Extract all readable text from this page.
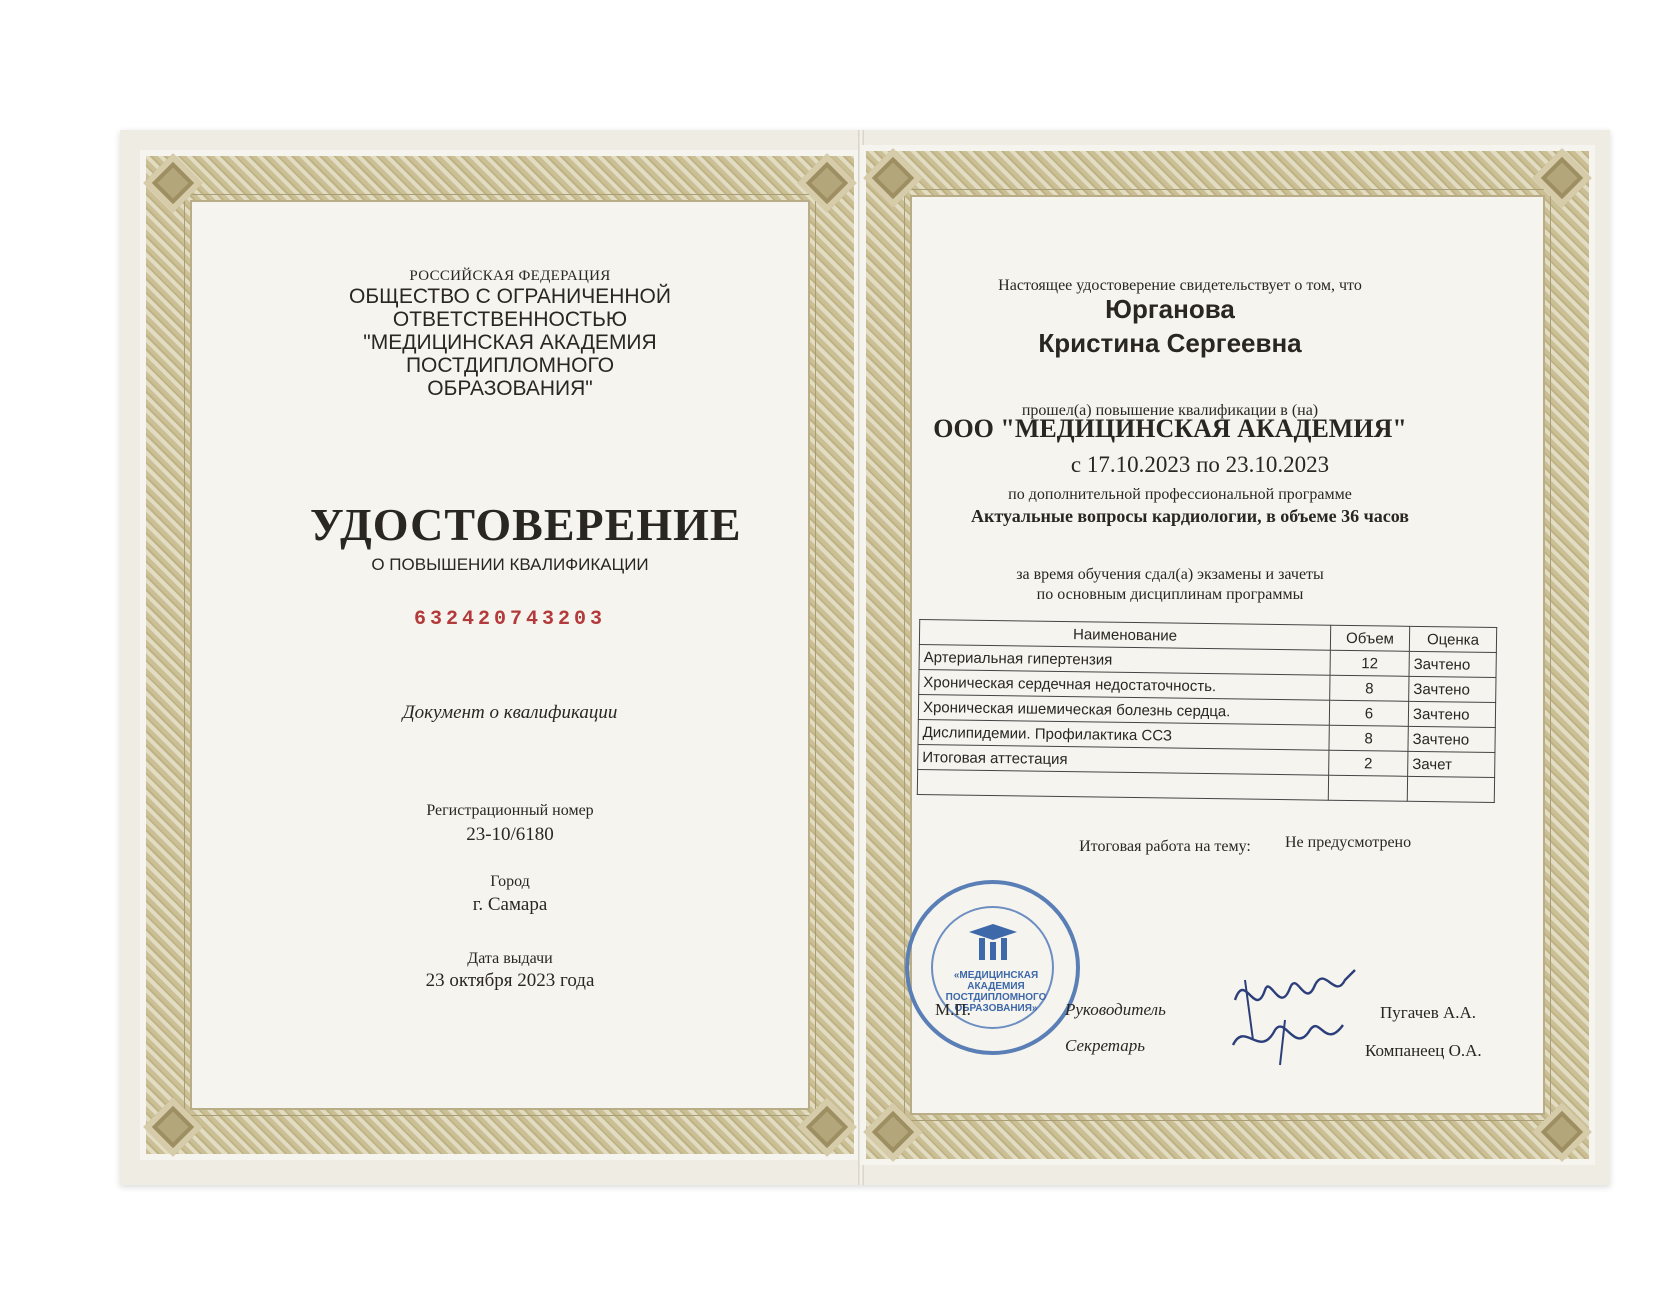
РОССИЙСКАЯ ФЕДЕРАЦИЯ
ОБЩЕСТВО С ОГРАНИЧЕННОЙ
ОТВЕТСТВЕННОСТЬЮ
"МЕДИЦИНСКАЯ АКАДЕМИЯ
ПОСТДИПЛОМНОГО
ОБРАЗОВАНИЯ"
УДОСТОВЕРЕНИЕ
О ПОВЫШЕНИИ КВАЛИФИКАЦИИ
632420743203
Документ о квалификации
Регистрационный номер
23-10/6180
Город
г. Самара
Дата выдачи
23 октября 2023 года
Настоящее удостоверение свидетельствует о том, что
Юрганова
Кристина Сергеевна
прошел(а) повышение квалификации в (на)
ООО "МЕДИЦИНСКАЯ АКАДЕМИЯ"
с 17.10.2023 по 23.10.2023
по дополнительной профессиональной программе
Актуальные вопросы кардиологии, в объеме 36 часов
за время обучения сдал(а) экзамены и зачеты
по основным дисциплинам программы
Наименование	Объем	Оценка
Артериальная гипертензия	12	Зачтено
Хроническая сердечная недостаточность.	8	Зачтено
Хроническая ишемическая болезнь сердца.	6	Зачтено
Дислипидемии. Профилактика ССЗ	8	Зачтено
Итоговая аттестация	2	Зачет

Итоговая работа на тему:	Не предусмотрено
«МЕДИЦИНСКАЯ АКАДЕМИЯ ПОСТДИПЛОМНОГО ОБРАЗОВАНИЯ»
М.П.	Руководитель
Секретарь
Пугачев А.А.
Компанеец О.А.
